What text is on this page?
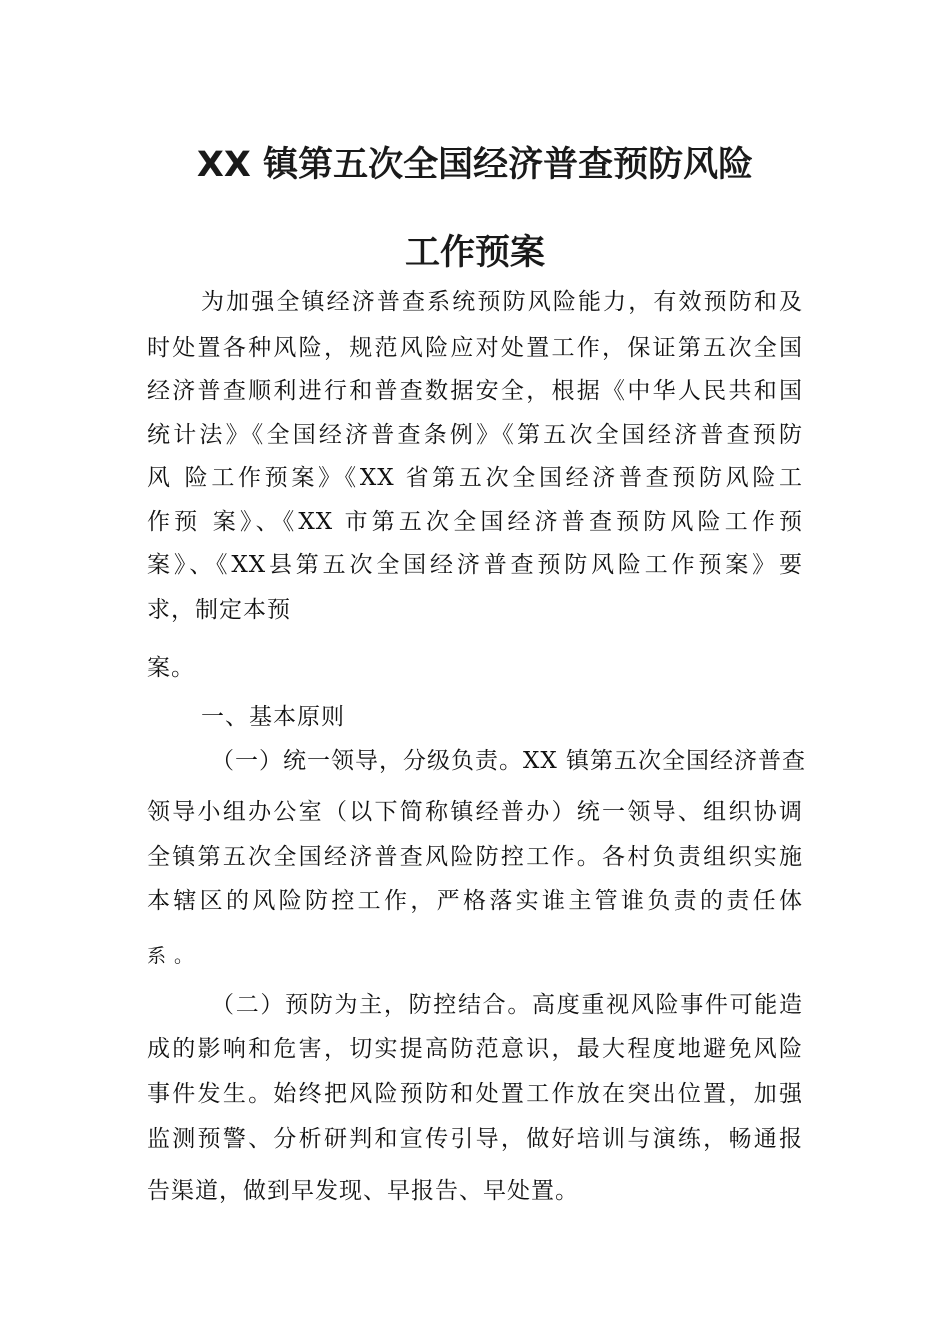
XX 镇第五次全国经济普查预防风险
工作预案
为加强全镇经济普查系统预防风险能力，有效预防和及
时处置各种风险，规范风险应对处置工作，保证第五次全国
经济普查顺利进行和普查数据安全，根据《中华人民共和国
统计法》《全国经济普查条例》《第五次全国经济普查预防
风 险工作预案》《XX 省第五次全国经济普查预防风险工
作预 案》、《XX 市第五次全国经济普查预防风险工作预
案》、《XX县第五次全国经济普查预防风险工作预案》要
求，制定本预
案。
一、基本原则
（一）统一领导，分级负责。XX 镇第五次全国经济普查
领导小组办公室（以下简称镇经普办）统一领导、组织协调
全镇第五次全国经济普查风险防控工作。各村负责组织实施
本辖区的风险防控工作，严格落实谁主管谁负责的责任体
系 。
（二）预防为主，防控结合。高度重视风险事件可能造
成的影响和危害，切实提高防范意识，最大程度地避免风险
事件发生。始终把风险预防和处置工作放在突出位置，加强
监测预警、分析研判和宣传引导，做好培训与演练，畅通报
告渠道，做到早发现、早报告、早处置。
